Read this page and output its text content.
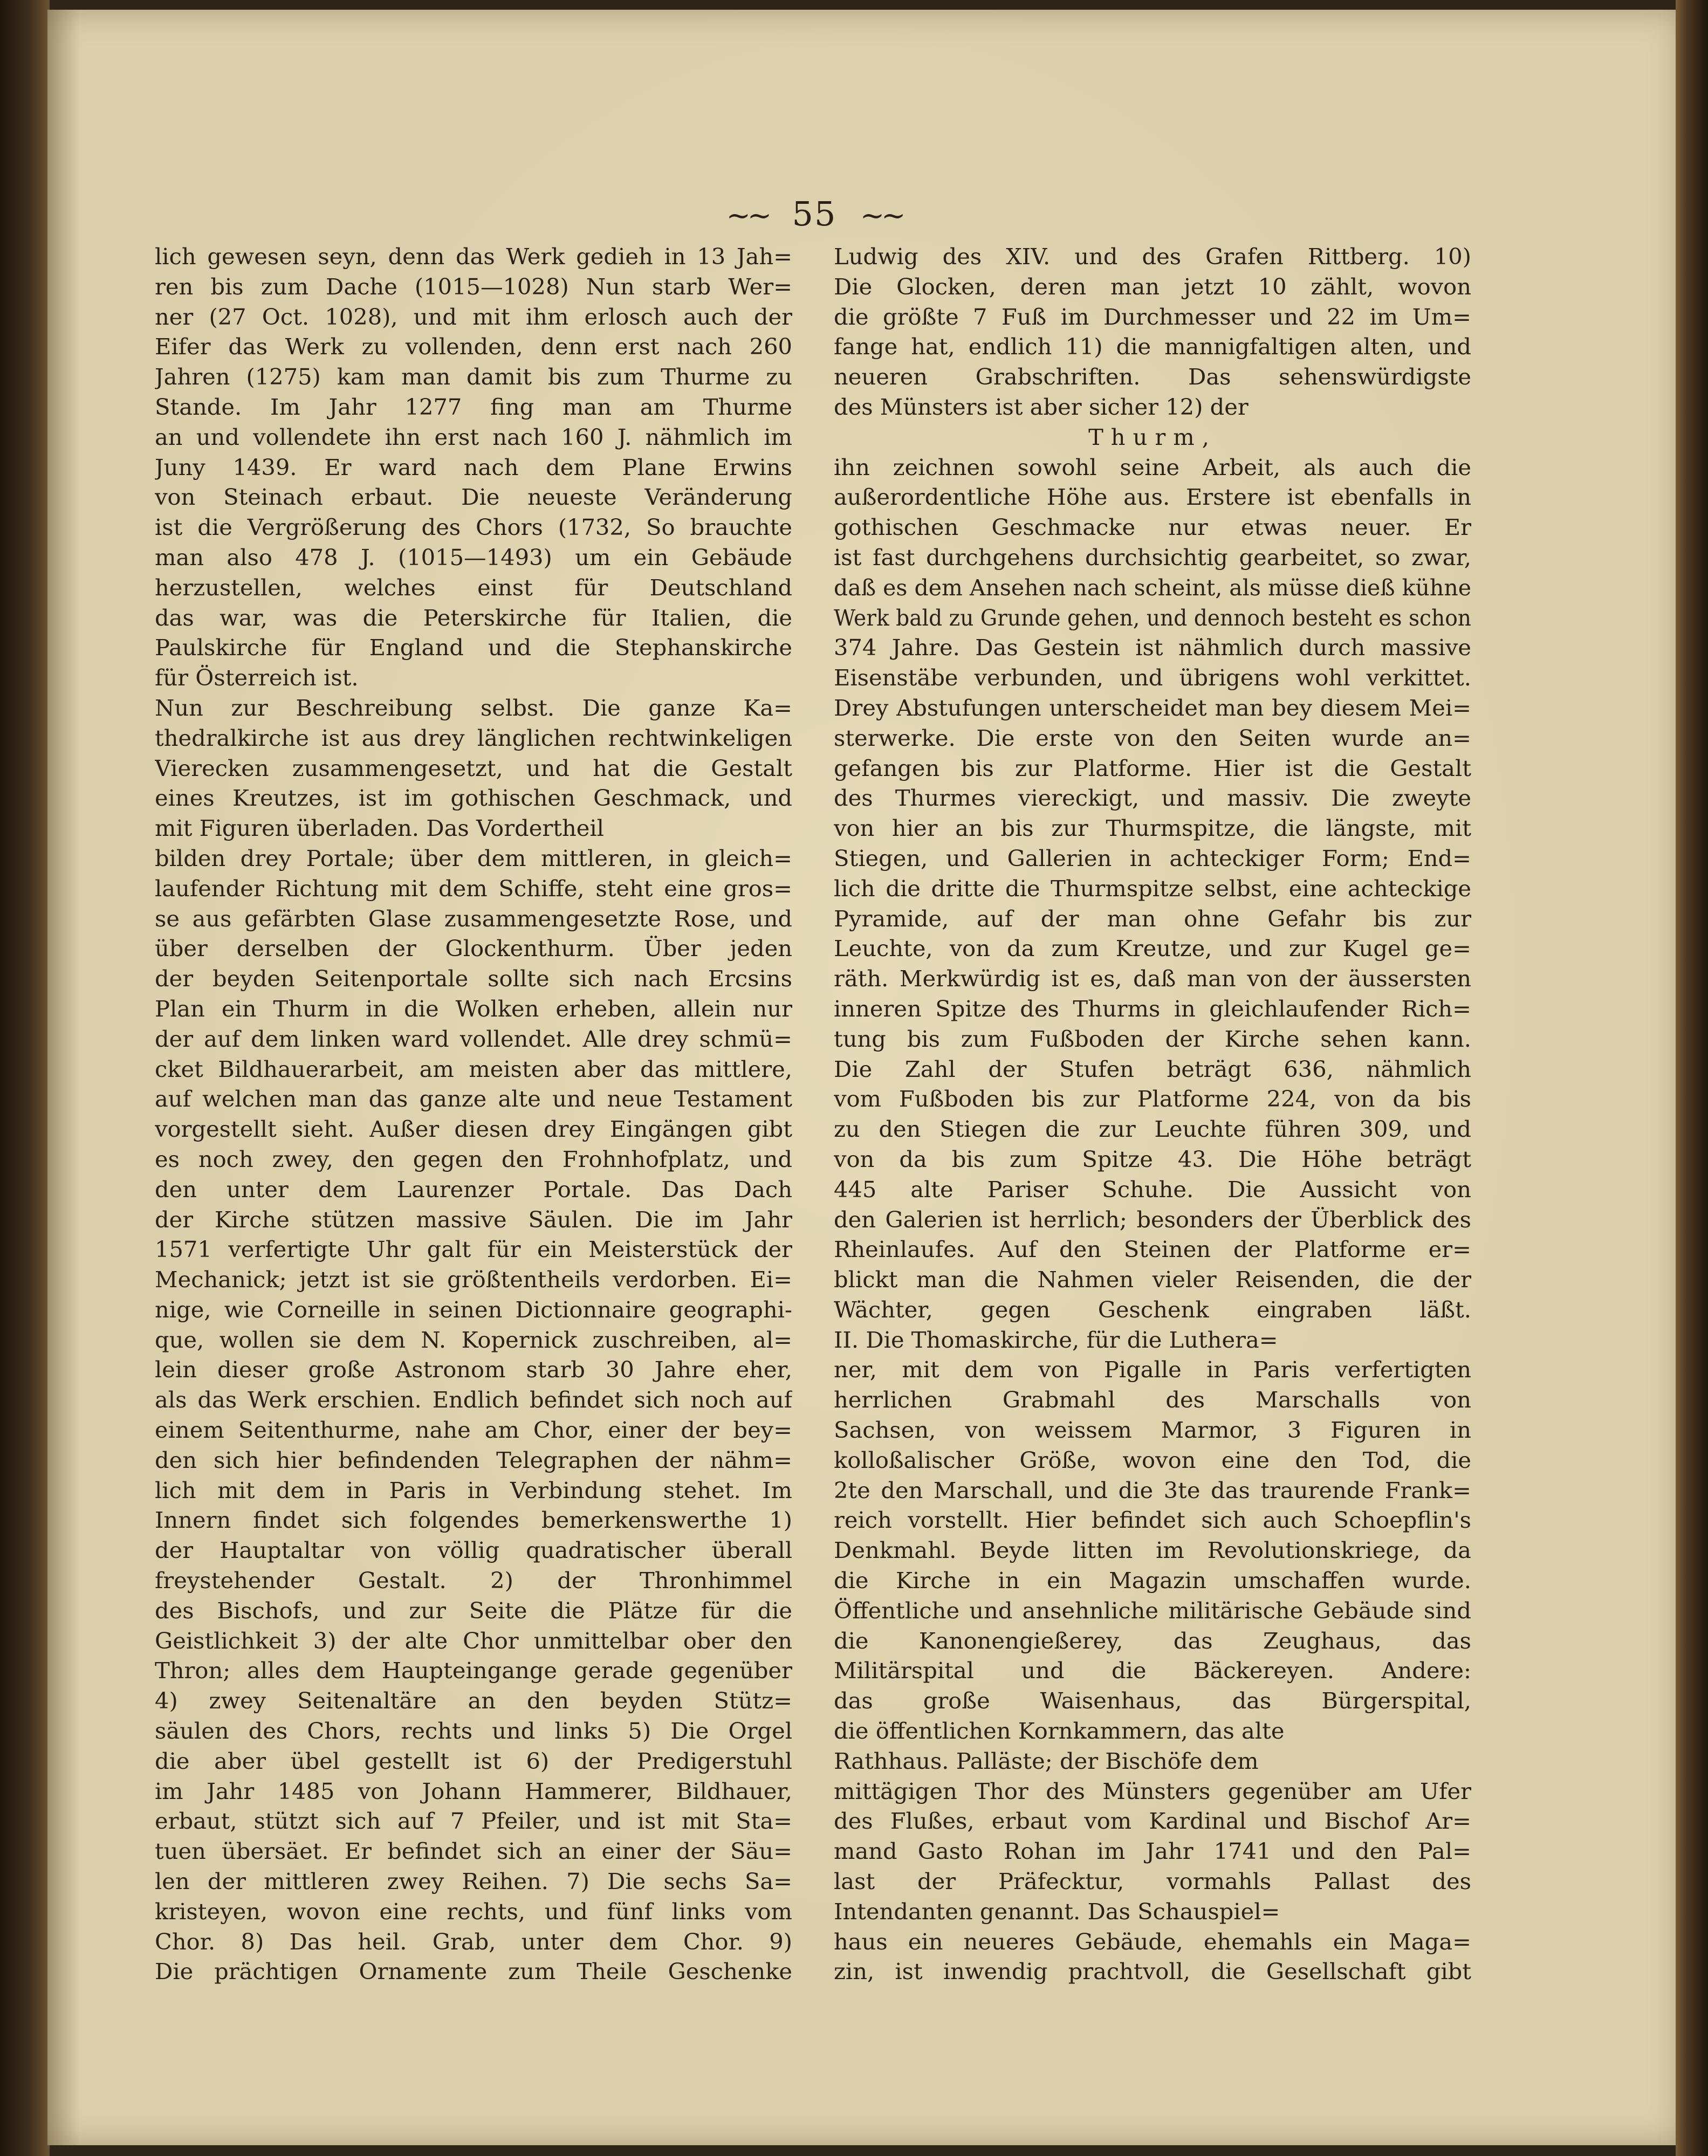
~~ 55 ~~
lich gewesen seyn, denn das Werk gedieh in 13 Jah=
ren bis zum Dache (1015—1028) Nun starb Wer=
ner (27 Oct. 1028), und mit ihm erlosch auch der
Eifer das Werk zu vollenden, denn erst nach 260
Jahren (1275) kam man damit bis zum Thurme zu
Stande. Im Jahr 1277 fing man am Thurme
an und vollendete ihn erst nach 160 J. nähmlich im
Juny 1439. Er ward nach dem Plane Erwins
von Steinach erbaut. Die neueste Veränderung
ist die Vergrößerung des Chors (1732, So brauchte
man also 478 J. (1015—1493) um ein Gebäude
herzustellen, welches einst für Deutschland
das war, was die Peterskirche für Italien, die
Paulskirche für England und die Stephanskirche
für Österreich ist.
Nun zur Beschreibung selbst. Die ganze Ka=
thedralkirche ist aus drey länglichen rechtwinkeligen
Vierecken zusammengesetzt, und hat die Gestalt
eines Kreutzes, ist im gothischen Geschmack, und
mit Figuren überladen. Das Vordertheil
bilden drey Portale; über dem mittleren, in gleich=
laufender Richtung mit dem Schiffe, steht eine gros=
se aus gefärbten Glase zusammengesetzte Rose, und
über derselben der Glockenthurm. Über jeden
der beyden Seitenportale sollte sich nach Ercsins
Plan ein Thurm in die Wolken erheben, allein nur
der auf dem linken ward vollendet. Alle drey schmü=
cket Bildhauerarbeit, am meisten aber das mittlere,
auf welchen man das ganze alte und neue Testament
vorgestellt sieht. Außer diesen drey Eingängen gibt
es noch zwey, den gegen den Frohnhofplatz, und
den unter dem Laurenzer Portale. Das Dach
der Kirche stützen massive Säulen. Die im Jahr
1571 verfertigte Uhr galt für ein Meisterstück der
Mechanick; jetzt ist sie größtentheils verdorben. Ei=
nige, wie Corneille in seinen Dictionnaire geographi-
que, wollen sie dem N. Kopernick zuschreiben, al=
lein dieser große Astronom starb 30 Jahre eher,
als das Werk erschien. Endlich befindet sich noch auf
einem Seitenthurme, nahe am Chor, einer der bey=
den sich hier befindenden Telegraphen der nähm=
lich mit dem in Paris in Verbindung stehet. Im
Innern findet sich folgendes bemerkenswerthe 1)
der Hauptaltar von völlig quadratischer überall
freystehender Gestalt. 2) der Thronhimmel
des Bischofs, und zur Seite die Plätze für die
Geistlichkeit 3) der alte Chor unmittelbar ober den
Thron; alles dem Haupteingange gerade gegenüber
4) zwey Seitenaltäre an den beyden Stütz=
säulen des Chors, rechts und links 5) Die Orgel
die aber übel gestellt ist 6) der Predigerstuhl
im Jahr 1485 von Johann Hammerer, Bildhauer,
erbaut, stützt sich auf 7 Pfeiler, und ist mit Sta=
tuen übersäet. Er befindet sich an einer der Säu=
len der mittleren zwey Reihen. 7) Die sechs Sa=
kristeyen, wovon eine rechts, und fünf links vom
Chor. 8) Das heil. Grab, unter dem Chor. 9)
Die prächtigen Ornamente zum Theile Geschenke
Ludwig des XIV. und des Grafen Rittberg. 10)
Die Glocken, deren man jetzt 10 zählt, wovon
die größte 7 Fuß im Durchmesser und 22 im Um=
fange hat, endlich 11) die mannigfaltigen alten, und
neueren Grabschriften. Das sehenswürdigste
des Münsters ist aber sicher 12) der
Thurm,
ihn zeichnen sowohl seine Arbeit, als auch die
außerordentliche Höhe aus. Erstere ist ebenfalls in
gothischen Geschmacke nur etwas neuer. Er
ist fast durchgehens durchsichtig gearbeitet, so zwar,
daß es dem Ansehen nach scheint, als müsse dieß kühne
Werk bald zu Grunde gehen, und dennoch besteht es schon
374 Jahre. Das Gestein ist nähmlich durch massive
Eisenstäbe verbunden, und übrigens wohl verkittet.
Drey Abstufungen unterscheidet man bey diesem Mei=
sterwerke. Die erste von den Seiten wurde an=
gefangen bis zur Platforme. Hier ist die Gestalt
des Thurmes viereckigt, und massiv. Die zweyte
von hier an bis zur Thurmspitze, die längste, mit
Stiegen, und Gallerien in achteckiger Form; End=
lich die dritte die Thurmspitze selbst, eine achteckige
Pyramide, auf der man ohne Gefahr bis zur
Leuchte, von da zum Kreutze, und zur Kugel ge=
räth. Merkwürdig ist es, daß man von der äussersten
inneren Spitze des Thurms in gleichlaufender Rich=
tung bis zum Fußboden der Kirche sehen kann.
Die Zahl der Stufen beträgt 636, nähmlich
vom Fußboden bis zur Platforme 224, von da bis
zu den Stiegen die zur Leuchte führen 309, und
von da bis zum Spitze 43. Die Höhe beträgt
445 alte Pariser Schuhe. Die Aussicht von
den Galerien ist herrlich; besonders der Überblick des
Rheinlaufes. Auf den Steinen der Platforme er=
blickt man die Nahmen vieler Reisenden, die der
Wächter, gegen Geschenk eingraben läßt.
II. Die Thomaskirche, für die Luthera=
ner, mit dem von Pigalle in Paris verfertigten
herrlichen Grabmahl des Marschalls von
Sachsen, von weissem Marmor, 3 Figuren in
kolloßalischer Größe, wovon eine den Tod, die
2te den Marschall, und die 3te das traurende Frank=
reich vorstellt. Hier befindet sich auch Schoepflin's
Denkmahl. Beyde litten im Revolutionskriege, da
die Kirche in ein Magazin umschaffen wurde.
Öffentliche und ansehnliche militärische Gebäude sind
die Kanonengießerey, das Zeughaus, das
Militärspital und die Bäckereyen. Andere:
das große Waisenhaus, das Bürgerspital,
die öffentlichen Kornkammern, das alte
Rathhaus. Palläste; der Bischöfe dem
mittägigen Thor des Münsters gegenüber am Ufer
des Flußes, erbaut vom Kardinal und Bischof Ar=
mand Gasto Rohan im Jahr 1741 und den Pal=
last der Präfecktur, vormahls Pallast des
Intendanten genannt. Das Schauspiel=
haus ein neueres Gebäude, ehemahls ein Maga=
zin, ist inwendig prachtvoll, die Gesellschaft gibt
